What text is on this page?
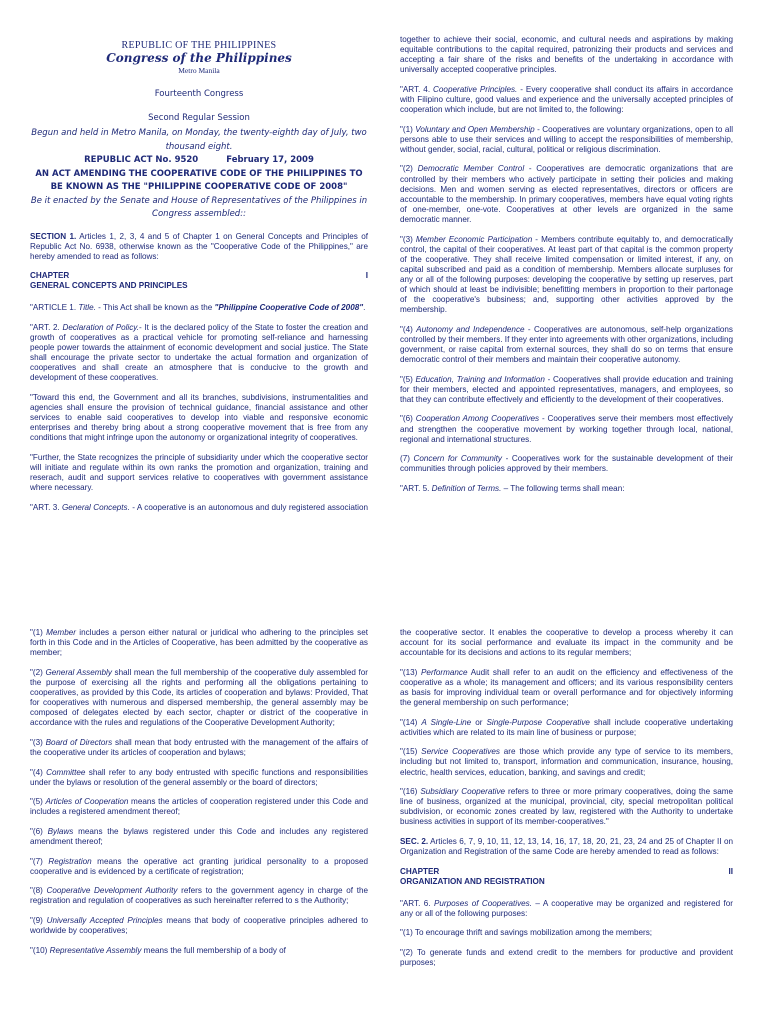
REPUBLIC OF THE PHILIPPINES
Congress of the Philippines
Metro Manila
Fourteenth Congress
Second Regular Session
Begun and held in Metro Manila, on Monday, the twenty-eighth day of July, two thousand eight.
REPUBLIC ACT No. 9520	February 17, 2009
AN ACT AMENDING THE COOPERATIVE CODE OF THE PHILIPPINES TO BE KNOWN AS THE "PHILIPPINE COOPERATIVE CODE OF 2008"
Be it enacted by the Senate and House of Representatives of the Philippines in Congress assembled::

SECTION 1. Articles 1, 2, 3, 4 and 5 of Chapter 1 on General Concepts and Principles of Republic Act No. 6938, otherwise known as the "Cooperative Code of the Philippines," are hereby amended to read as follows:

CHAPTER	I
GENERAL CONCEPTS AND PRINCIPLES

"ARTICLE 1. Title. - This Act shall be known as the "Philippine Cooperative Code of 2008".

"ART. 2. Declaration of Policy.- It is the declared policy of the State to foster the creation and growth of cooperatives as a practical vehicle for promoting self-reliance and harnessing people power towards the attainment of economic development and social justice. The State shall encourage the private sector to undertake the actual formation and organization of cooperatives and shall create an atmosphere that is conducive to the growth and development of these cooperatives.

"Toward this end, the Government and all its branches, subdivisions, instrumentalities and agencies shall ensure the provision of technical guidance, financial assistance and other services to enable said cooperatives to develop into viable and responsive economic enterprises and thereby bring about a strong cooperative movement that is free from any conditions that might infringe upon the autonomy or organizational integrity of cooperatives.

"Further, the State recognizes the principle of subsidiarity under which the cooperative sector will initiate and regulate within its own ranks the promotion and organization, training and reserach, audit and support services relative to cooperatives with government assistance where necessary.

"ART. 3. General Concepts. - A cooperative is an autonomous and duly registered association

together to achieve their social, economic, and cultural needs and aspirations by making equitable contributions to the capital required, patronizing their products and services and accepting a fair share of the risks and benefits of the undertaking in accordance with universally accepted cooperative principles.

"ART. 4. Cooperative Principles. - Every cooperative shall conduct its affairs in accordance with Filipino culture, good values and experience and the universally accepted principles of cooperation which include, but are not limited to, the following:

"(1) Voluntary and Open Membership - Cooperatives are voluntary organizations, open to all persons able to use their services and willing to accept the responsibilities of membership, without gender, social, racial, cultural, political or religious discrimination.

"(2) Democratic Member Control - Cooperatives are democratic organizations that are controlled by their members who actively participate in setting their policies and making decisions. Men and women serving as elected representatives, directors or officers are accountable to the membership. In primary cooperatives, members have equal voting rights of one-member, one-vote. Cooperatives at other levels are organized in the same democratic manner.

"(3) Member Economic Participation - Members contribute equitably to, and democratically control, the capital of their cooperatives. At least part of that capital is the common property of the cooperative. They shall receive limited compensation or limited interest, if any, on capital subscribed and paid as a condition of membership. Members allocate surpluses for any or all of the following purposes: developing the cooperative by setting up reserves, part of which should at least be indivisible; benefitting members in proportion to their partonage of the cooperative's bubsiness; and, supporting other activities approved by the membership.

"(4) Autonomy and Independence - Cooperatives are autonomous, self-help organizations controlled by their members. If they enter into agreements with other organizations, including government, or raise capital from external sources, they shall do so on terms that ensure democratic control of their members and maintain their cooperative autonomy.

"(5) Education, Training and Information - Cooperatives shall provide education and training for their members, elected and appointed representatives, managers, and employees, so that they can contribute effectively and efficiently to the development of their cooperatives.

"(6) Cooperation Among Cooperatives - Cooperatives serve their members most effectively and strengthen the cooperative movement by working together through local, national, regional and international structures.

(7) Concern for Community - Cooperatives work for the sustainable development of their communities through policies approved by their members.

"ART. 5. Definition of Terms. – The following terms shall mean:

"(1) Member includes a person either natural or juridical who adhering to the principles set forth in this Code and in the Articles of Cooperative, has been admitted by the cooperative as member;

"(2) General Assembly shall mean the full membership of the cooperative duly assembled for the purpose of exercising all the rights and performing all the obligations pertaining to cooperatives, as provided by this Code, its articles of cooperation and bylaws: Provided, That for cooperatives with numerous and dispersed membership, the general assembly may be composed of delegates elected by each sector, chapter or district of the cooperative in accordance with the rules and regulations of the Cooperative Development Authority;

"(3) Board of Directors shall mean that body entrusted with the management of the affairs of the cooperative under its articles of cooperation and bylaws;

"(4) Committee shall refer to any body entrusted with specific functions and responsibilities under the bylaws or resolution of the general assembly or the board of directors;

"(5) Articles of Cooperation means the articles of cooperation registered under this Code and includes a registered amendment thereof;

"(6) Bylaws means the bylaws registered under this Code and includes any registered amendment thereof;

"(7) Registration means the operative act granting juridical personality to a proposed cooperative and is evidenced by a certificate of registration;

"(8) Cooperative Development Authority refers to the government agency in charge of the registration and regulation of cooperatives as such hereinafter referred to s the Authority;

"(9) Universally Accepted Principles means that body of cooperative principles adhered to worldwide by cooperatives;

"(10) Representative Assembly means the full membership of a body of

the cooperative sector. It enables the cooperative to develop a process whereby it can account for its social performance and evaluate its impact in the community and be accountable for its decisions and actions to its regular members;

"(13) Performance Audit shall refer to an audit on the efficiency and effectiveness of the cooperative as a whole; its management and officers; and its various responsibility centers as basis for improving individual team or overall performance and for objectively informing the general membership on such performance;

"(14) A Single-Line or Single-Purpose Cooperative shall include cooperative undertaking activities which are related to its main line of business or purpose;

"(15) Service Cooperatives are those which provide any type of service to its members, including but not limited to, transport, information and communication, insurance, housing, electric, health services, education, banking, and savings and credit;

"(16) Subsidiary Cooperative refers to three or more primary cooperatives, doing the same line of business, organized at the municipal, provincial, city, special metropolitan political subdivision, or economic zones created by law, registered with the Authority to undertake business activities in support of its member-cooperatives."

SEC. 2. Articles 6, 7, 9, 10, 11, 12, 13, 14, 16, 17, 18, 20, 21, 23, 24 and 25 of Chapter II on Organization and Registration of the same Code are hereby amended to read as follows:

CHAPTER	II
ORGANIZATION AND REGISTRATION

"ART. 6. Purposes of Cooperatives. – A cooperative may be organized and registered for any or all of the following purposes:

"(1) To encourage thrift and savings mobilization among the members;

"(2) To generate funds and extend credit to the members for productive and provident purposes;
